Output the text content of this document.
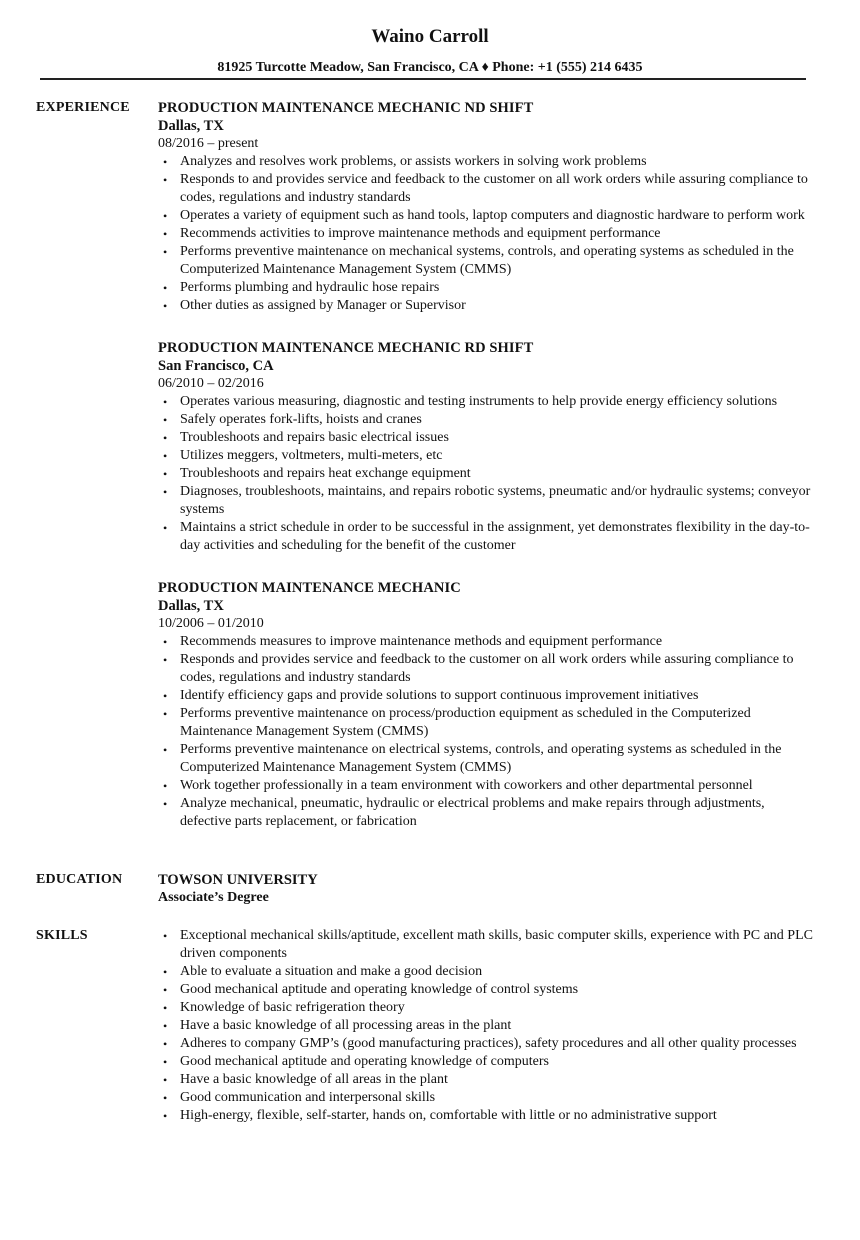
Waino Carroll
81925 Turcotte Meadow, San Francisco, CA ♦ Phone: +1 (555) 214 6435
EXPERIENCE PRODUCTION MAINTENANCE MECHANIC ND SHIFT
Dallas, TX
08/2016 – present
• Analyzes and resolves work problems, or assists workers in solving work problems
• Responds to and provides service and feedback to the customer on all work orders while assuring compliance to codes, regulations and industry standards
• Operates a variety of equipment such as hand tools, laptop computers and diagnostic hardware to perform work
• Recommends activities to improve maintenance methods and equipment performance
• Performs preventive maintenance on mechanical systems, controls, and operating systems as scheduled in the Computerized Maintenance Management System (CMMS)
• Performs plumbing and hydraulic hose repairs
• Other duties as assigned by Manager or Supervisor
PRODUCTION MAINTENANCE MECHANIC RD SHIFT
San Francisco, CA
06/2010 – 02/2016
• Operates various measuring, diagnostic and testing instruments to help provide energy efficiency solutions
• Safely operates fork-lifts, hoists and cranes
• Troubleshoots and repairs basic electrical issues
• Utilizes meggers, voltmeters, multi-meters, etc
• Troubleshoots and repairs heat exchange equipment
• Diagnoses, troubleshoots, maintains, and repairs robotic systems, pneumatic and/or hydraulic systems; conveyor systems
• Maintains a strict schedule in order to be successful in the assignment, yet demonstrates flexibility in the day-to-day activities and scheduling for the benefit of the customer
PRODUCTION MAINTENANCE MECHANIC
Dallas, TX
10/2006 – 01/2010
• Recommends measures to improve maintenance methods and equipment performance
• Responds and provides service and feedback to the customer on all work orders while assuring compliance to codes, regulations and industry standards
• Identify efficiency gaps and provide solutions to support continuous improvement initiatives
• Performs preventive maintenance on process/production equipment as scheduled in the Computerized Maintenance Management System (CMMS)
• Performs preventive maintenance on electrical systems, controls, and operating systems as scheduled in the Computerized Maintenance Management System (CMMS)
• Work together professionally in a team environment with coworkers and other departmental personnel
• Analyze mechanical, pneumatic, hydraulic or electrical problems and make repairs through adjustments, defective parts replacement, or fabrication
EDUCATION TOWSON UNIVERSITY
Associate’s Degree
SKILLS	• Exceptional mechanical skills/aptitude, excellent math skills, basic computer skills, experience with PC and PLC driven components
• Able to evaluate a situation and make a good decision
• Good mechanical aptitude and operating knowledge of control systems
• Knowledge of basic refrigeration theory
• Have a basic knowledge of all processing areas in the plant
• Adheres to company GMP’s (good manufacturing practices), safety procedures and all other quality processes
• Good mechanical aptitude and operating knowledge of computers
• Have a basic knowledge of all areas in the plant
• Good communication and interpersonal skills
• High-energy, flexible, self-starter, hands on, comfortable with little or no administrative support
